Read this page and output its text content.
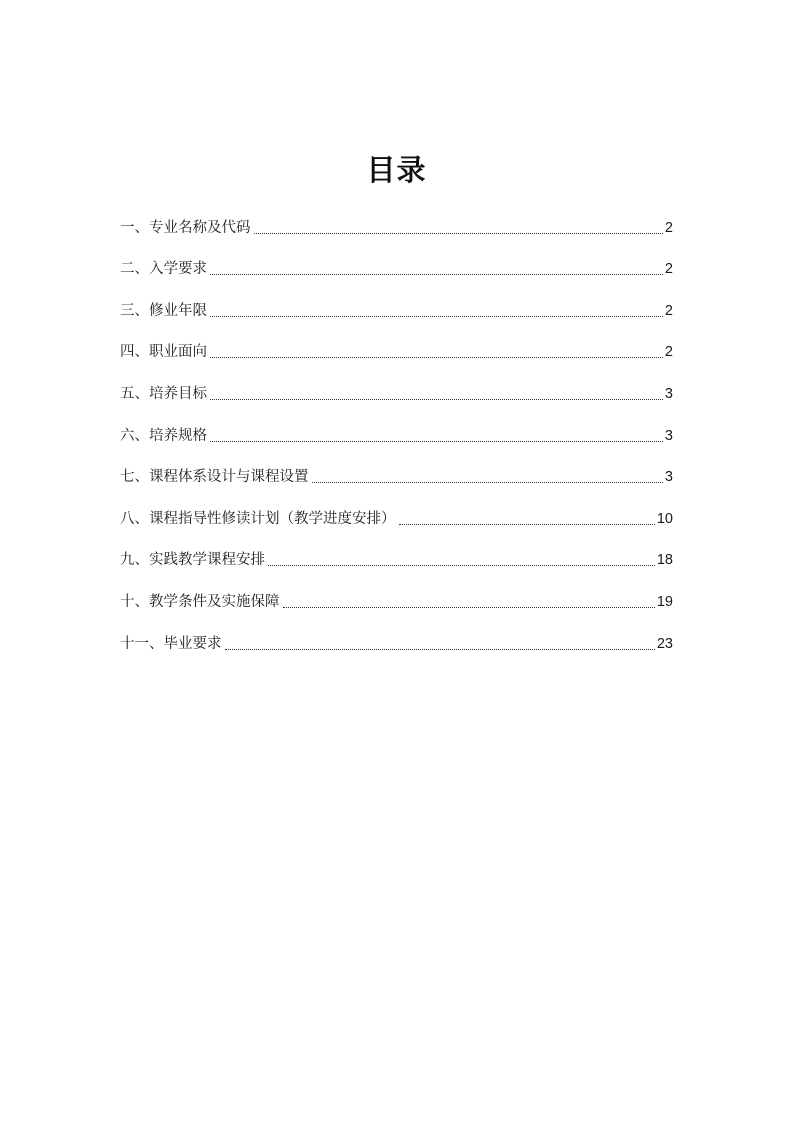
目录
一、专业名称及代码	2
二、入学要求	2
三、修业年限	2
四、职业面向	2
五、培养目标	3
六、培养规格	3
七、课程体系设计与课程设置	3
八、课程指导性修读计划（教学进度安排）	10
九、实践教学课程安排	18
十、教学条件及实施保障	19
十一、毕业要求	23
